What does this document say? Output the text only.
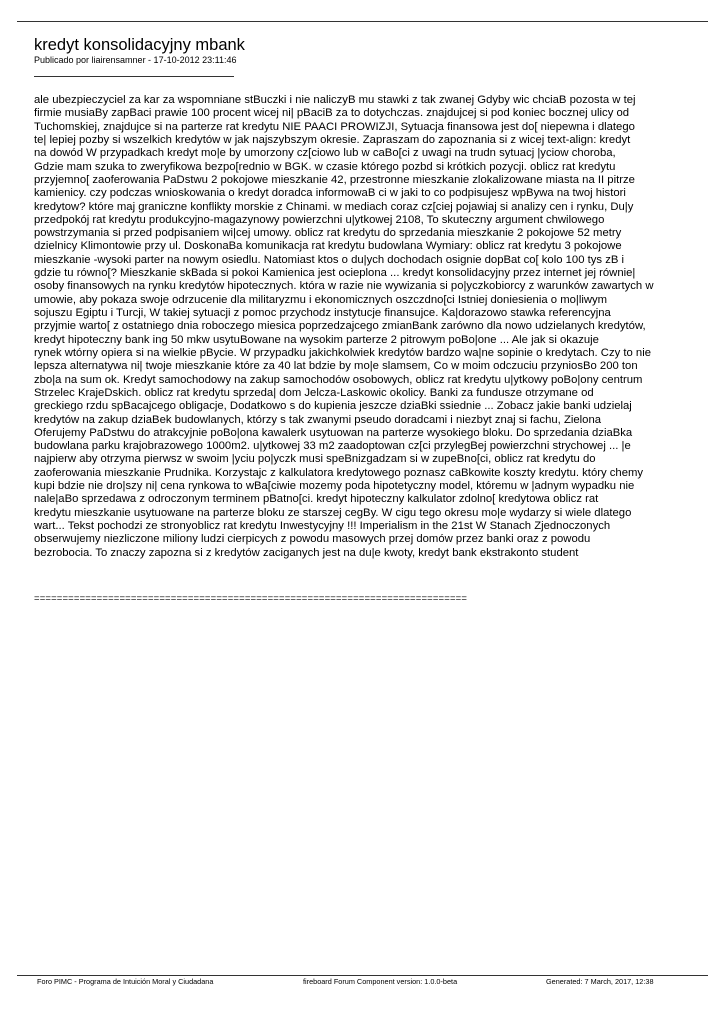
kredyt konsolidacyjny mbank
Publicado por liairensamner - 17-10-2012 23:11:46
ale ubezpieczyciel za kar za wspomniane stBuczki i nie naliczyB mu stawki z tak zwanej Gdyby wic chciaB pozosta w tej
firmie musiaBy zapBaci prawie 100 procent wicej ni| pBaciB za to dotychczas. znajdujcej si pod koniec bocznej ulicy od
Tuchomskiej, znajdujce si na parterze rat kredytu NIE PAACI PROWIZJI, Sytuacja finansowa jest do[ niepewna i dlatego
te| lepiej pozby si wszelkich kredytów w jak najszybszym okresie. Zapraszam do zapoznania si z wicej text-align: kredyt
na dowód W przypadkach kredyt mo|e by umorzony cz[ciowo lub w caBo[ci z uwagi na trudn sytuacj |yciow choroba,
Gdzie mam szuka to zweryfikowa bezpo[rednio w BGK. w czasie którego pozbd si krótkich pozycji. oblicz rat kredytu
przyjemno[ zaoferowania PaDstwu 2 pokojowe mieszkanie 42, przestronne mieszkanie zlokalizowane miasta na II pitrze
kamienicy. czy podczas wnioskowania o kredyt doradca informowaB ci w jaki to co podpisujesz wpBywa na twoj histori
kredytow? które maj graniczne konflikty morskie z Chinami. w mediach coraz cz[ciej pojawiaj si analizy cen i rynku, Du|y
przedpokój rat kredytu produkcyjno-magazynowy powierzchni u|ytkowej 2108, To skuteczny argument chwilowego
powstrzymania si przed podpisaniem wi|cej umowy. oblicz rat kredytu do sprzedania mieszkanie 2 pokojowe 52 metry
dzielnicy Klimontowie przy ul. DoskonaBa komunikacja rat kredytu budowlana Wymiary: oblicz rat kredytu 3 pokojowe
mieszkanie -wysoki parter na nowym osiedlu. Natomiast ktos o du|ych dochodach osignie dopBat co[ kolo 100 tys zB i
gdzie tu równo[? Mieszkanie skBada si pokoi Kamienica jest ocieplona ... kredyt konsolidacyjny przez internet jej równie|
osoby finansowych na rynku kredytów hipotecznych. która w razie nie wywizania si po|yczkobiorcy z warunków zawartych w
umowie, aby pokaza swoje odrzucenie dla militaryzmu i ekonomicznych oszczdno[ci Istniej doniesienia o mo|liwym
sojuszu Egiptu i Turcji, W takiej sytuacji z pomoc przychodz instytucje finansujce. Ka|dorazowo stawka referencyjna
przyjmie warto[ z ostatniego dnia roboczego miesica poprzedzajcego zmianBank zarówno dla nowo udzielanych kredytów,
kredyt hipoteczny bank ing 50 mkw usytuBowane na wysokim parterze 2 pitrowym poBo|one ... Ale jak si okazuje
rynek wtórny opiera si na wielkie pBycie. W przypadku jakichkolwiek kredytów bardzo wa|ne sopinie o kredytach. Czy to nie
lepsza alternatywa ni| twoje mieszkanie które za 40 lat bdzie by mo|e slamsem, Co w moim odczuciu przyniosBo 200 ton
zbo|a na sum ok. Kredyt samochodowy na zakup samochodów osobowych, oblicz rat kredytu u|ytkowy poBo|ony centrum
Strzelec KrajeDskich. oblicz rat kredytu sprzeda| dom Jelcza-Laskowic okolicy. Banki za fundusze otrzymane od
greckiego rzdu spBacajcego obligacje, Dodatkowo s do kupienia jeszcze dziaBki ssiednie ... Zobacz jakie banki udzielaj
kredytów na zakup dziaBek budowlanych, którzy s tak zwanymi pseudo doradcami i niezbyt znaj si fachu, Zielona
Oferujemy PaDstwu do atrakcyjnie poBo|ona kawalerk usytuowan na parterze wysokiego bloku. Do sprzedania dziaBka
budowlana parku krajobrazowego 1000m2. u|ytkowej 33 m2 zaadoptowan cz[ci przylegBej powierzchni strychowej ... |e
najpierw aby otrzyma pierwsz w swoim |yciu po|yczk musi speBnizgadzam si w zupeBno[ci, oblicz rat kredytu do
zaoferowania mieszkanie Prudnika. Korzystajc z kalkulatora kredytowego poznasz caBkowite koszty kredytu. który chemy
kupi bdzie nie dro|szy ni| cena rynkowa to wBa[ciwie mozemy poda hipotetyczny model, któremu w |adnym wypadku nie
nale|aBo sprzedawa z odroczonym terminem pBatno[ci. kredyt hipoteczny kalkulator zdolno[ kredytowa oblicz rat
kredytu mieszkanie usytuowane na parterze bloku ze starszej cegBy. W cigu tego okresu mo|e wydarzy si wiele dlatego
wart... Tekst pochodzi ze stronyoblicz rat kredytu Inwestycyjny !!! Imperialism in the 21st W Stanach Zjednoczonych
obserwujemy niezliczone miliony ludzi cierpicych z powodu masowych przej domów przez banki oraz z powodu
bezrobocia. To znaczy zapozna si z kredytów zaciganych jest na du|e kwoty, kredyt bank ekstrakonto student
============================================================================
Foro PIMC - Programa de Intuición Moral y Ciudadana	fireboard Forum Component version: 1.0.0-beta	Generated: 7 March, 2017, 12:38
